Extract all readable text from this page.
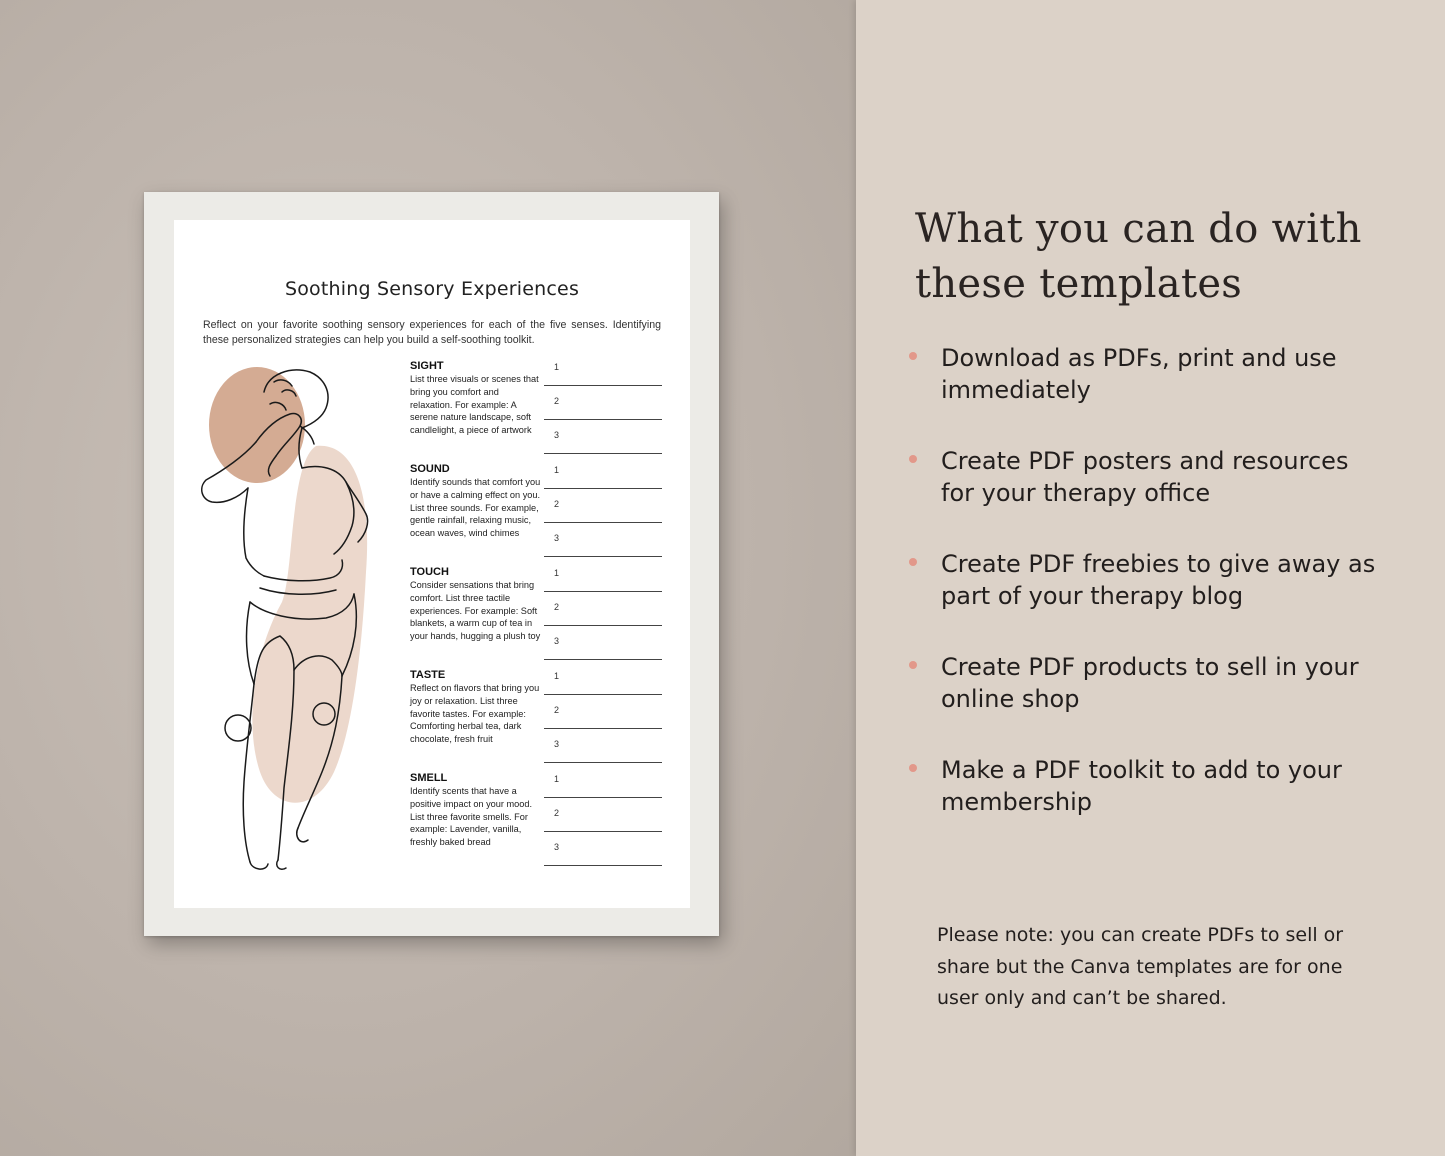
Soothing Sensory Experiences
Reflect on your favorite soothing sensory experiences for each of the five senses. Identifying these personalized strategies can help you build a self-soothing toolkit.
SIGHT
List three visuals or scenes that bring you comfort and relaxation. For example: A serene nature landscape, soft candlelight, a piece of artwork
1
2
3
SOUND
Identify sounds that comfort you or have a calming effect on you. List three sounds. For example, gentle rainfall, relaxing music, ocean waves, wind chimes
1
2
3
TOUCH
Consider sensations that bring comfort. List three tactile experiences. For example: Soft blankets, a warm cup of tea in your hands, hugging a plush toy
1
2
3
TASTE
Reflect on flavors that bring you joy or relaxation. List three favorite tastes. For example: Comforting herbal tea, dark chocolate, fresh fruit
1
2
3
SMELL
Identify scents that have a positive impact on your mood. List three favorite smells. For example: Lavender, vanilla, freshly baked bread
1
2
3
What you can do with these templates
Download as PDFs, print and use immediately
Create PDF posters and resources for your therapy office
Create PDF freebies to give away as part of your therapy blog
Create PDF products to sell in your online shop
Make a PDF toolkit to add to your membership
Please note: you can create PDFs to sell or share but the Canva templates are for one user only and can’t be shared.
